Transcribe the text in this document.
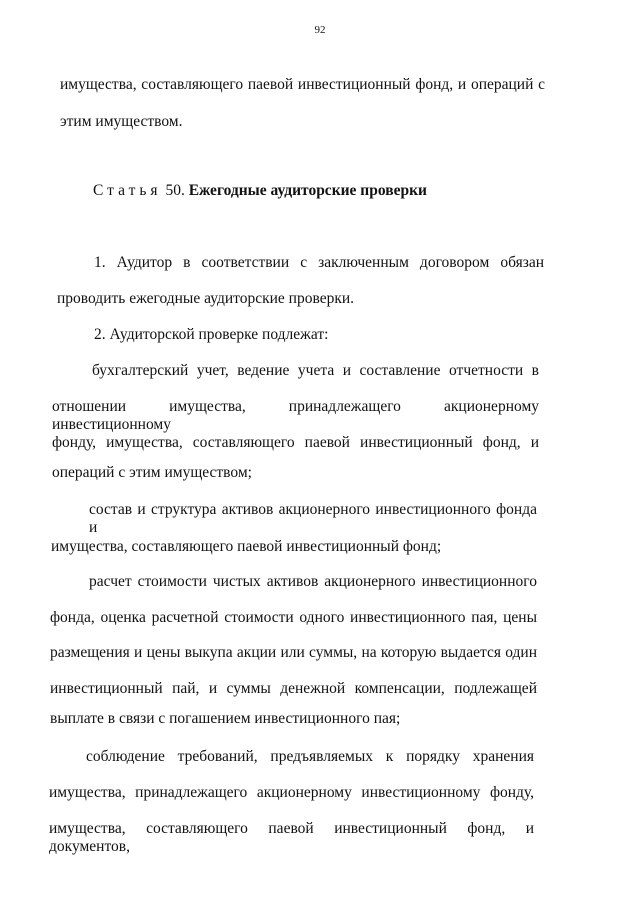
92
имущества, составляющего паевой инвестиционный фонд, и операций с
этим имуществом.
Статья 50. Ежегодные аудиторские проверки
1. Аудитор в соответствии с заключенным договором обязан
проводить ежегодные аудиторские проверки.
2. Аудиторской проверке подлежат:
бухгалтерский учет, ведение учета и составление отчетности в
отношении имущества, принадлежащего акционерному инвестиционному
фонду, имущества, составляющего паевой инвестиционный фонд, и
операций с этим имуществом;
состав и структура активов акционерного инвестиционного фонда и
имущества, составляющего паевой инвестиционный фонд;
расчет стоимости чистых активов акционерного инвестиционного
фонда, оценка расчетной стоимости одного инвестиционного пая, цены
размещения и цены выкупа акции или суммы, на которую выдается один
инвестиционный пай, и суммы денежной компенсации, подлежащей
выплате в связи с погашением инвестиционного пая;
соблюдение требований, предъявляемых к порядку хранения
имущества, принадлежащего акционерному инвестиционному фонду,
имущества, составляющего паевой инвестиционный фонд, и документов,
